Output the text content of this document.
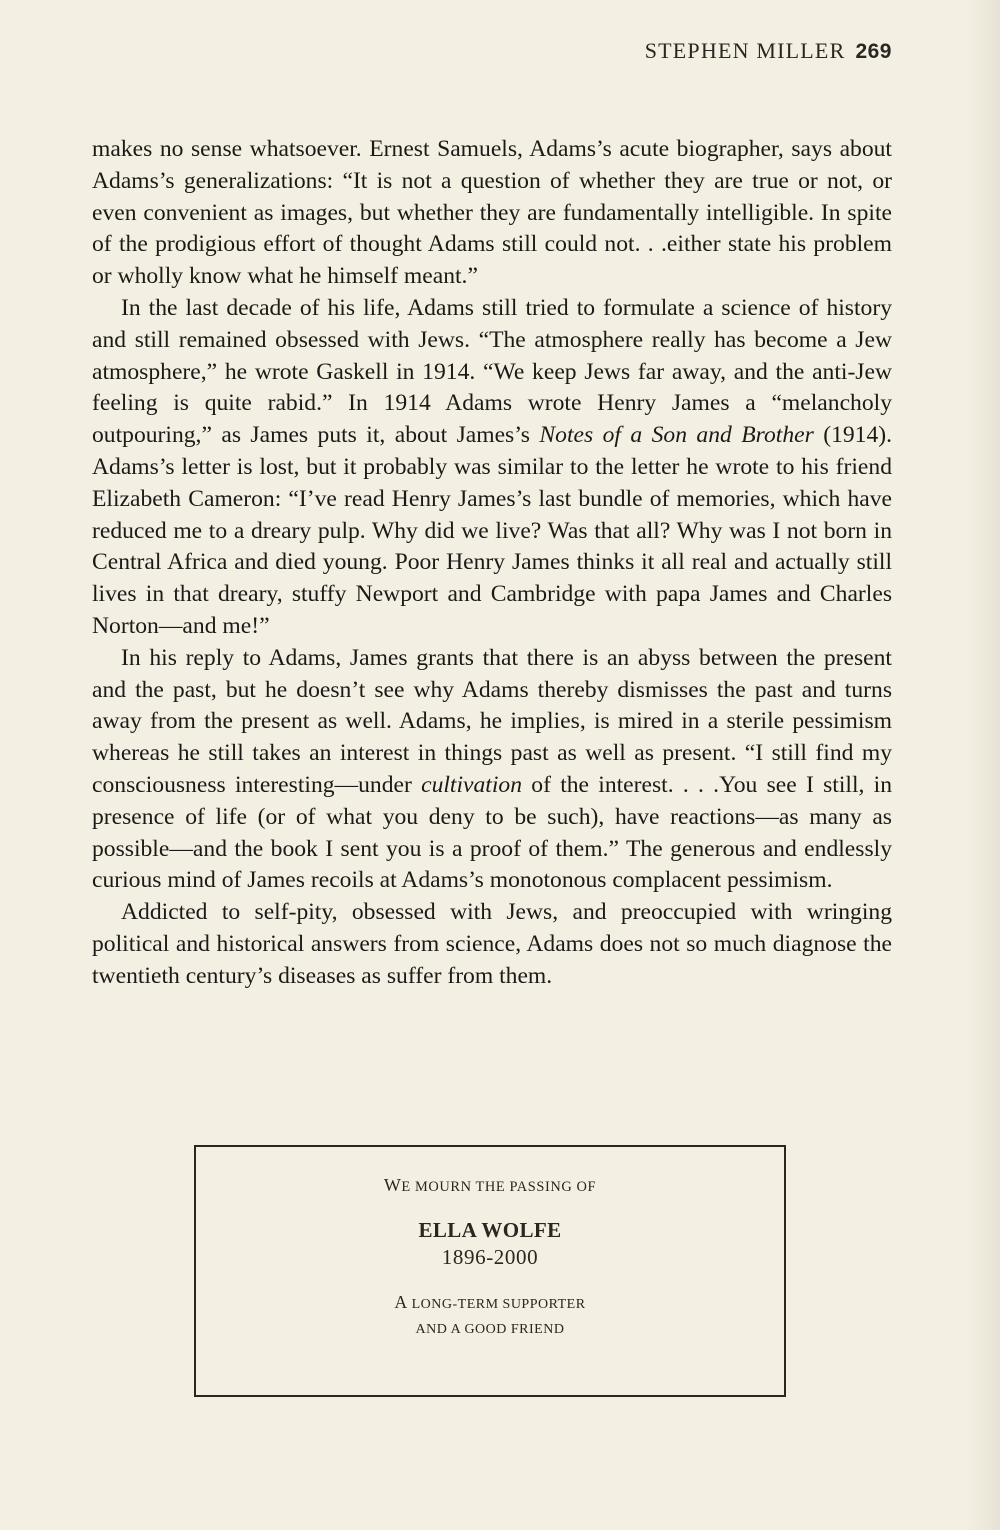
STEPHEN MILLER 269

makes no sense whatsoever. Ernest Samuels, Adams’s acute biographer, says about Adams’s generalizations: “It is not a question of whether they are true or not, or even convenient as images, but whether they are fundamentally intelligible. In spite of the prodigious effort of thought Adams still could not. . .either state his problem or wholly know what he himself meant.”

In the last decade of his life, Adams still tried to formulate a science of history and still remained obsessed with Jews. “The atmosphere really has become a Jew atmosphere,” he wrote Gaskell in 1914. “We keep Jews far away, and the anti-Jew feeling is quite rabid.” In 1914 Adams wrote Henry James a “melancholy outpouring,” as James puts it, about James’s Notes of a Son and Brother (1914). Adams’s letter is lost, but it probably was similar to the letter he wrote to his friend Elizabeth Cameron: “I’ve read Henry James’s last bundle of memories, which have reduced me to a dreary pulp. Why did we live? Was that all? Why was I not born in Central Africa and died young. Poor Henry James thinks it all real and actually still lives in that dreary, stuffy Newport and Cambridge with papa James and Charles Norton—and me!”

In his reply to Adams, James grants that there is an abyss between the present and the past, but he doesn’t see why Adams thereby dismisses the past and turns away from the present as well. Adams, he implies, is mired in a sterile pessimism whereas he still takes an interest in things past as well as present. “I still find my consciousness interesting—under cultivation of the interest. . . .You see I still, in presence of life (or of what you deny to be such), have reactions—as many as possible—and the book I sent you is a proof of them.” The generous and endlessly curious mind of James recoils at Adams’s monotonous complacent pessimism.

Addicted to self-pity, obsessed with Jews, and preoccupied with wringing political and historical answers from science, Adams does not so much diagnose the twentieth century’s diseases as suffer from them.

WE MOURN THE PASSING OF
ELLA WOLFE
1896-2000
A LONG-TERM SUPPORTER
AND A GOOD FRIEND
